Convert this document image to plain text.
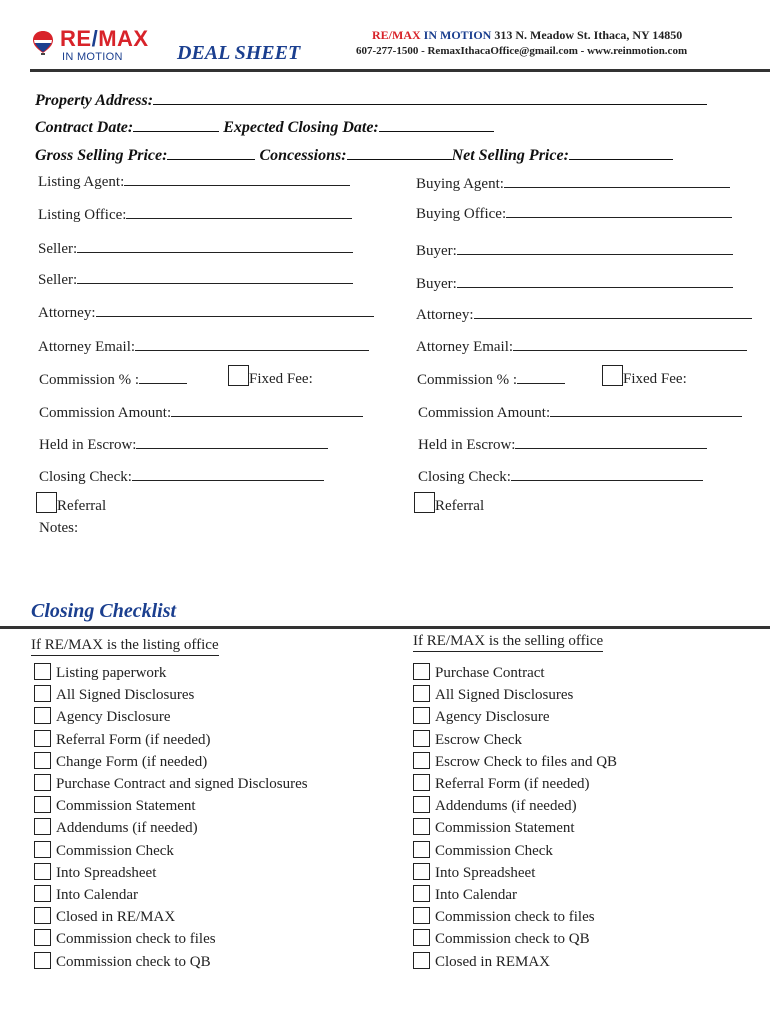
RE/MAX
IN MOTION	DEAL SHEET
RE/MAX IN MOTION 313 N. Meadow St. Ithaca, NY 14850
607-277-1500 - RemaxIthacaOffice@gmail.com - www.reinmotion.com
Property Address:
Contract Date:	Expected Closing Date:
Gross Selling Price:	Concessions:	Net Selling Price:
Listing Agent:
Listing Office:
Seller:
Seller:
Attorney:
Attorney Email:
Commission % :	Fixed Fee:
Commission Amount:
Held in Escrow:
Closing Check:
Referral
Notes:
Buying Agent:
Buying Office:
Buyer:
Buyer:
Attorney:
Attorney Email:
Commission % :	Fixed Fee:
Commission Amount:
Held in Escrow:
Closing Check:
Referral
Closing Checklist
If RE/MAX is the listing office	If RE/MAX is the selling office
Listing paperwork
All Signed Disclosures
Agency Disclosure
Referral Form (if needed)
Change Form (if needed)
Purchase Contract and signed Disclosures
Commission Statement
Addendums (if needed)
Commission Check
Into Spreadsheet
Into Calendar
Closed in RE/MAX
Commission check to files
Commission check to QB
Purchase Contract
All Signed Disclosures
Agency Disclosure
Escrow Check
Escrow Check to files and QB
Referral Form (if needed)
Addendums (if needed)
Commission Statement
Commission Check
Into Spreadsheet
Into Calendar
Commission check to files
Commission check to QB
Closed in REMAX
